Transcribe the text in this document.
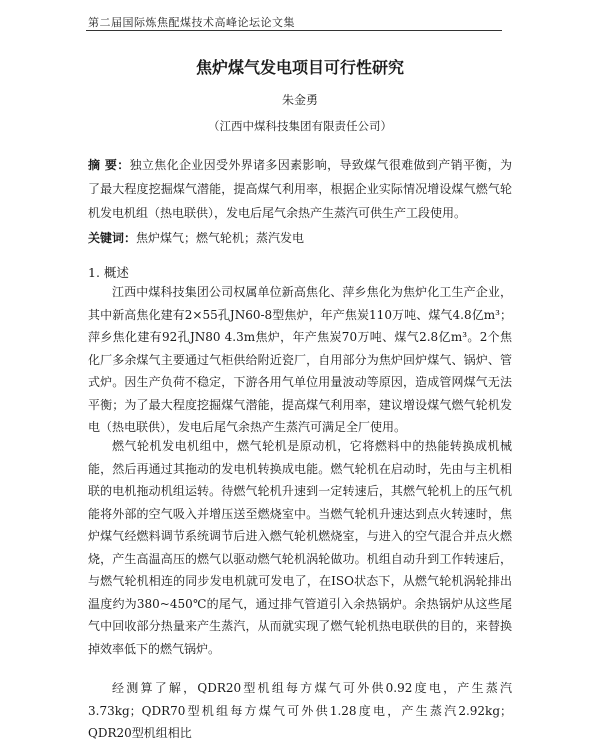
第二届国际炼焦配煤技术高峰论坛论文集
焦炉煤气发电项目可行性研究
朱金勇
（江西中煤科技集团有限责任公司）
摘 要：独立焦化企业因受外界诸多因素影响，导致煤气很难做到产销平衡，为了最大程度挖掘煤气潜能，提高煤气利用率，根据企业实际情况增设煤气燃气轮机发电机组（热电联供），发电后尾气余热产生蒸汽可供生产工段使用。
关键词：焦炉煤气；燃气轮机；蒸汽发电
1. 概述

江西中煤科技集团公司权属单位新高焦化、萍乡焦化为焦炉化工生产企业，其中新高焦化建有2×55孔JN60-8型焦炉，年产焦炭110万吨、煤气4.8亿m³；萍乡焦化建有92孔JN80 4.3m焦炉，年产焦炭70万吨、煤气2.8亿m³。2个焦化厂多余煤气主要通过气柜供给附近瓷厂，自用部分为焦炉回炉煤气、锅炉、管式炉。因生产负荷不稳定，下游各用气单位用量波动等原因，造成管网煤气无法平衡；为了最大程度挖掘煤气潜能，提高煤气利用率，建议增设煤气燃气轮机发电（热电联供），发电后尾气余热产生蒸汽可满足全厂使用。

燃气轮机发电机组中，燃气轮机是原动机，它将燃料中的热能转换成机械能，然后再通过其拖动的发电机转换成电能。燃气轮机在启动时，先由与主机相联的电机拖动机组运转。待燃气轮机升速到一定转速后，其燃气轮机上的压气机能将外部的空气吸入并增压送至燃烧室中。当燃气轮机升速达到点火转速时，焦炉煤气经燃料调节系统调节后进入燃气轮机燃烧室，与进入的空气混合并点火燃烧，产生高温高压的燃气以驱动燃气轮机涡轮做功。机组自动升到工作转速后，与燃气轮机相连的同步发电机就可发电了，在ISO状态下，从燃气轮机涡轮排出温度约为380~450℃的尾气，通过排气管道引入余热锅炉。余热锅炉从这些尾气中回收部分热量来产生蒸汽，从而就实现了燃气轮机热电联供的目的，来替换掉效率低下的燃气锅炉。

经测算了解，QDR20型机组每方煤气可外供0.92度电，产生蒸汽3.73kg；QDR70型机组每方煤气可外供1.28度电，产生蒸汽2.92kg；QDR20型机组相比
